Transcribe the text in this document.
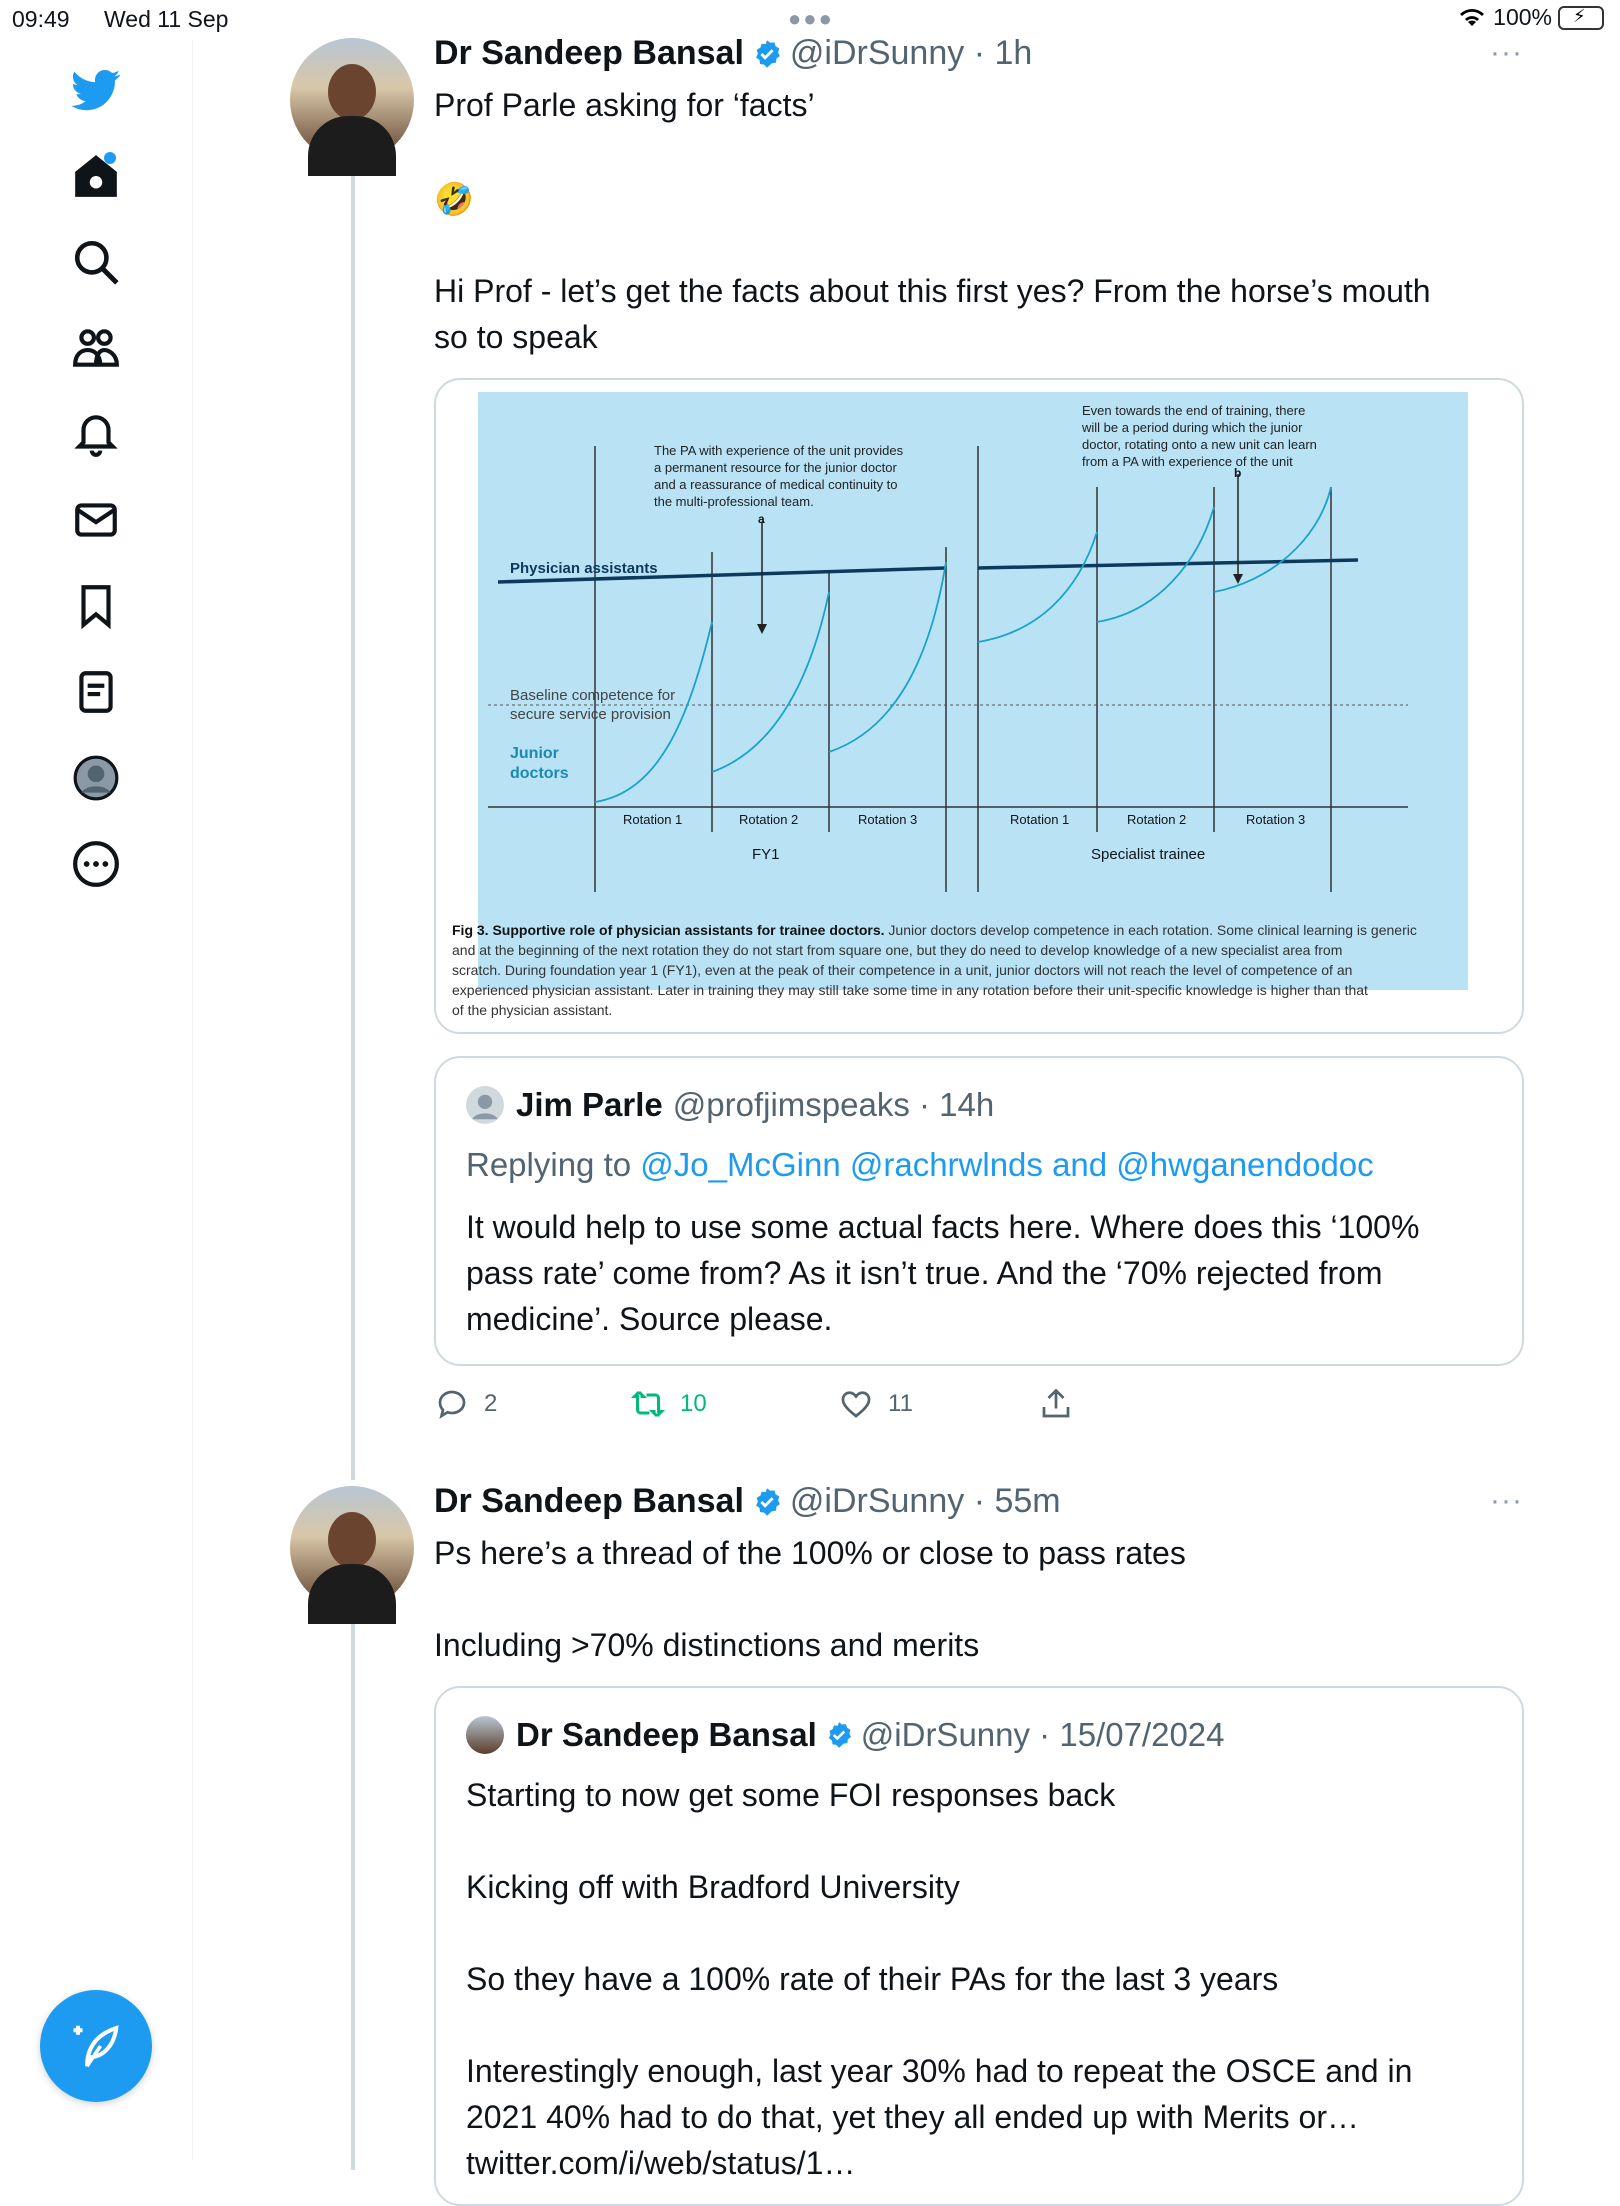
09:49 Wed 11 Sep	●●●	100% ⚡
Dr Sandeep Bansal @iDrSunny · 1h	···
Prof Parle asking for ‘facts’
🤣
Hi Prof - let’s get the facts about this first yes? From the horse’s mouth
so to speak
Even towards the end of training, there
will be a period during which the junior
doctor, rotating onto a new unit can learn
from a PA with experience of the unit
The PA with experience of the unit provides
a permanent resource for the junior doctor
and a reassurance of medical continuity to
the multi-professional team.
a
b
Physician assistants
Baseline competence for
secure service provision
Junior
doctors
Rotation 1	Rotation 2	Rotation 3	Rotation 1	Rotation 2	Rotation 3
FY1	Specialist trainee
Fig 3. Supportive role of physician assistants for trainee doctors. Junior doctors develop competence in each rotation. Some clinical learning is generic
and at the beginning of the next rotation they do not start from square one, but they do need to develop knowledge of a new specialist area from
scratch. During foundation year 1 (FY1), even at the peak of their competence in a unit, junior doctors will not reach the level of competence of an
experienced physician assistant. Later in training they may still take some time in any rotation before their unit-specific knowledge is higher than that
of the physician assistant.
Jim Parle @profjimspeaks · 14h
Replying to @Jo_McGinn @rachrwlnds and @hwganendodoc
It would help to use some actual facts here. Where does this ‘100%
pass rate’ come from? As it isn’t true. And the ‘70% rejected from
medicine’. Source please.
2	10	11
Dr Sandeep Bansal @iDrSunny · 55m	···
Ps here’s a thread of the 100% or close to pass rates
Including >70% distinctions and merits
Dr Sandeep Bansal @iDrSunny · 15/07/2024
Starting to now get some FOI responses back
Kicking off with Bradford University
So they have a 100% rate of their PAs for the last 3 years
Interestingly enough, last year 30% had to repeat the OSCE and in
2021 40% had to do that, yet they all ended up with Merits or…
twitter.com/i/web/status/1…
